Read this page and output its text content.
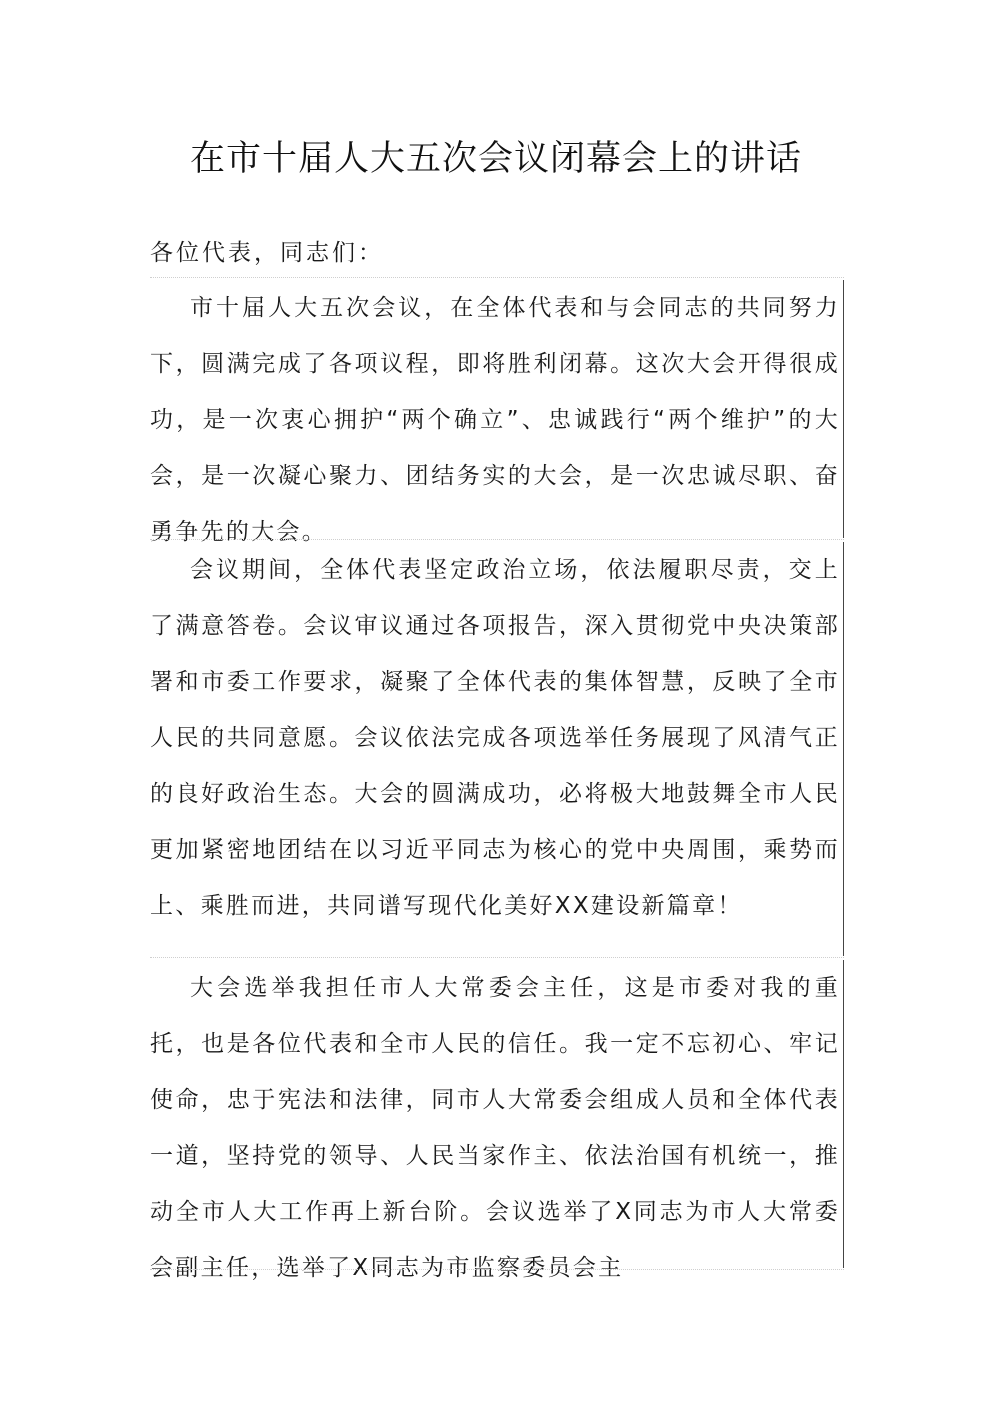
在市十届人大五次会议闭幕会上的讲话

各位代表，同志们：

市十届人大五次会议，在全体代表和与会同志的共同努力下，圆满完成了各项议程，即将胜利闭幕。这次大会开得很成功，是一次衷心拥护“两个确立”、忠诚践行“两个维护”的大会，是一次凝心聚力、团结务实的大会，是一次忠诚尽职、奋勇争先的大会。

会议期间，全体代表坚定政治立场，依法履职尽责，交上了满意答卷。会议审议通过各项报告，深入贯彻党中央决策部署和市委工作要求，凝聚了全体代表的集体智慧，反映了全市人民的共同意愿。会议依法完成各项选举任务展现了风清气正的良好政治生态。大会的圆满成功，必将极大地鼓舞全市人民更加紧密地团结在以习近平同志为核心的党中央周围，乘势而上、乘胜而进，共同谱写现代化美好XX建设新篇章！

大会选举我担任市人大常委会主任，这是市委对我的重托，也是各位代表和全市人民的信任。我一定不忘初心、牢记使命，忠于宪法和法律，同市人大常委会组成人员和全体代表一道，坚持党的领导、人民当家作主、依法治国有机统一，推动全市人大工作再上新台阶。会议选举了X同志为市人大常委会副主任，选举了X同志为市监察委员会主
